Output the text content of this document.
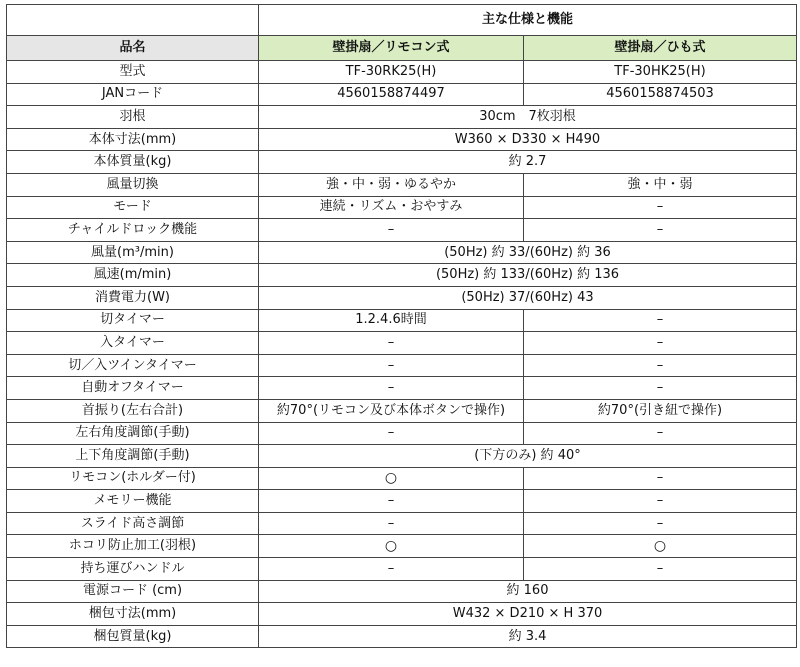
	主な仕様と機能	
品名	壁掛扇／リモコン式	壁掛扇／ひも式
型式	TF-30RK25(H)	TF-30HK25(H)
JANコード	4560158874497	4560158874503
羽根	30cm　7枚羽根	
本体寸法(mm)	W360 × D330 × H490	
本体質量(kg)	約 2.7	
風量切換	強・中・弱・ゆるやか	強・中・弱
モード	連続・リズム・おやすみ	–
チャイルドロック機能	–	–
風量(m³/min)	(50Hz) 約 33/(60Hz) 約 36	
風速(m/min)	(50Hz) 約 133/(60Hz) 約 136	
消費電力(W)	(50Hz) 37/(60Hz) 43	
切タイマー	1.2.4.6時間	–
入タイマー	–	–
切／入ツインタイマー	–	–
自動オフタイマー	–	–
首振り(左右合計)	約70°(リモコン及び本体ボタンで操作)	約70°(引き紐で操作)
左右角度調節(手動)	–	–
上下角度調節(手動)	(下方のみ) 約 40°	
リモコン(ホルダー付)	○	–
メモリー機能	–	–
スライド高さ調節	–	–
ホコリ防止加工(羽根)	○	○
持ち運びハンドル	–	–
電源コード (cm)	約 160	
梱包寸法(mm)	W432 × D210 × H 370	
梱包質量(kg)	約 3.4	
